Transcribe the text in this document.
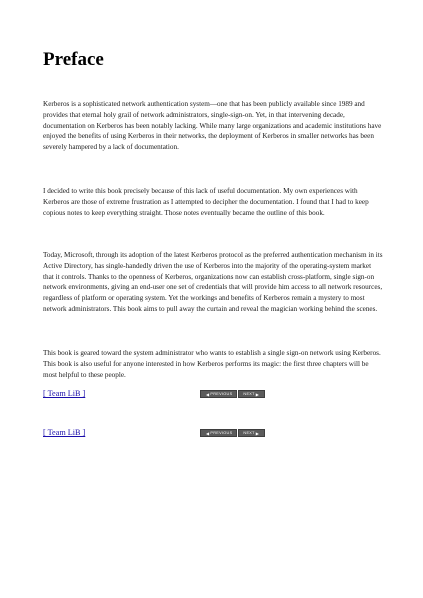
Preface

Kerberos is a sophisticated network authentication system—one that has been publicly available since 1989 and provides that eternal holy grail of network administrators, single-sign-on. Yet, in that intervening decade, documentation on Kerberos has been notably lacking. While many large organizations and academic institutions have enjoyed the benefits of using Kerberos in their networks, the deployment of Kerberos in smaller networks has been severely hampered by a lack of documentation.

I decided to write this book precisely because of this lack of useful documentation. My own experiences with Kerberos are those of extreme frustration as I attempted to decipher the documentation. I found that I had to keep copious notes to keep everything straight. Those notes eventually became the outline of this book.

Today, Microsoft, through its adoption of the latest Kerberos protocol as the preferred authentication mechanism in its Active Directory, has single-handedly driven the use of Kerberos into the majority of the operating-system market that it controls. Thanks to the openness of Kerberos, organizations now can establish cross-platform, single sign-on network environments, giving an end-user one set of credentials that will provide him access to all network resources, regardless of platform or operating system. Yet the workings and benefits of Kerberos remain a mystery to most network administrators. This book aims to pull away the curtain and reveal the magician working behind the scenes.

This book is geared toward the system administrator who wants to establish a single sign-on network using Kerberos. This book is also useful for anyone interested in how Kerberos performs its magic: the first three chapters will be most helpful to these people.

[ Team LiB ]	◀ PREVIOUS	NEXT ▶
[ Team LiB ]	◀ PREVIOUS	NEXT ▶
